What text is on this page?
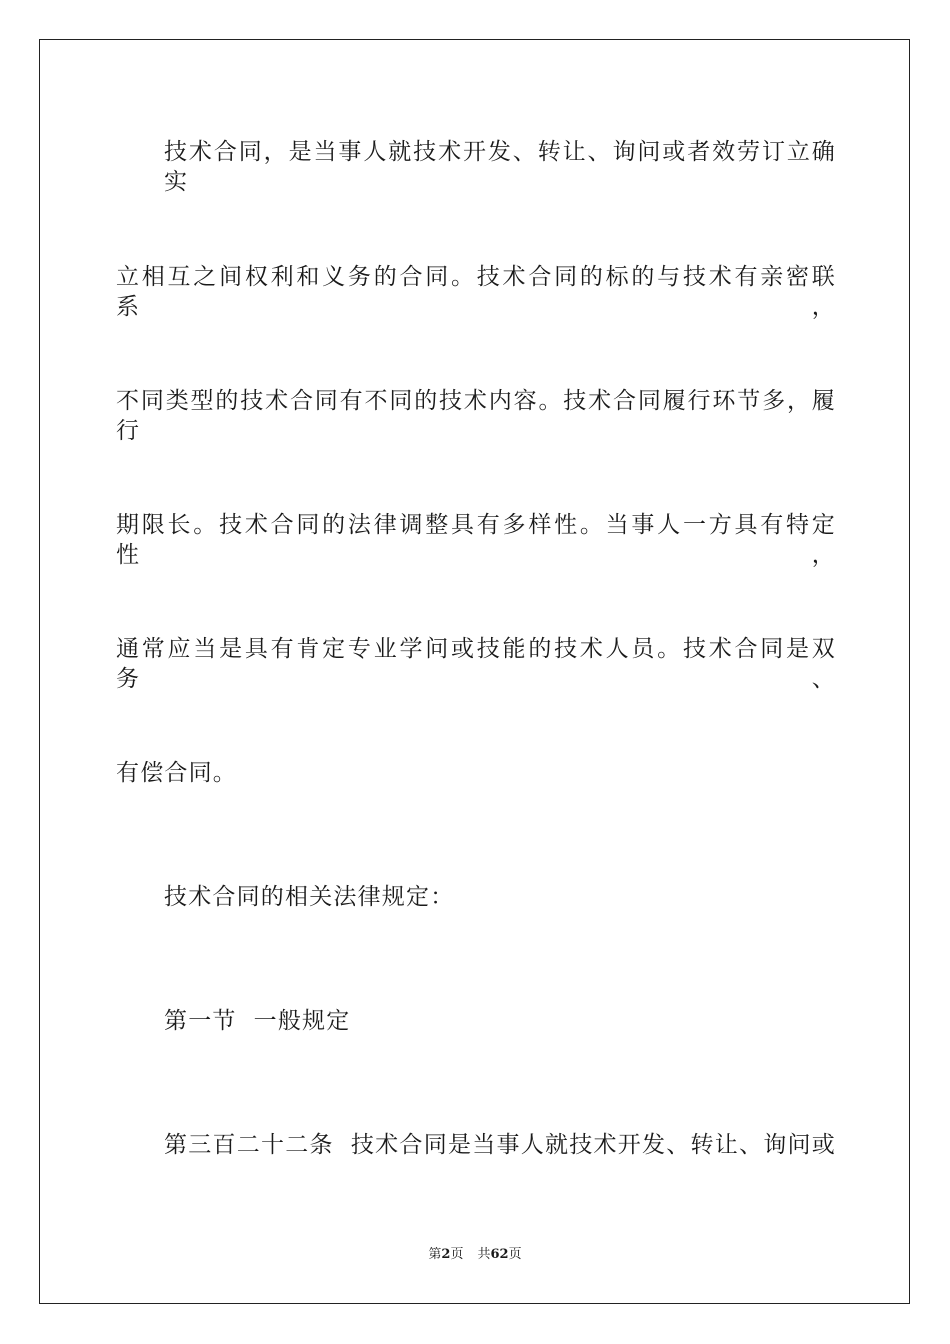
技术合同，是当事人就技术开发、转让、询问或者效劳订立确实
立相互之间权利和义务的合同。技术合同的标的与技术有亲密联系，
不同类型的技术合同有不同的技术内容。技术合同履行环节多，履行
期限长。技术合同的法律调整具有多样性。当事人一方具有特定性，
通常应当是具有肯定专业学问或技能的技术人员。技术合同是双务、
有偿合同。
技术合同的相关法律规定：
第一节  一般规定
第三百二十二条  技术合同是当事人就技术开发、转让、询问或
第2页 共62页
